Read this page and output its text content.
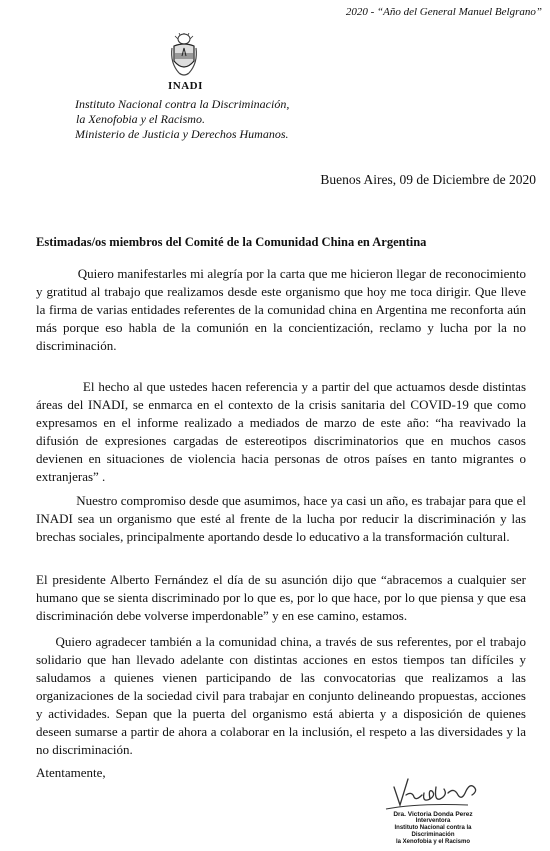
2020 - “Año del General Manuel Belgrano”
INADI
Instituto Nacional contra la Discriminación,
la Xenofobia y el Racismo.
Ministerio de Justicia y Derechos Humanos.
Buenos Aires, 09 de Diciembre de 2020
Estimadas/os miembros del Comité de la Comunidad China en Argentina
Quiero manifestarles mi alegría por la carta que me hicieron llegar de reconocimiento y gratitud al trabajo que realizamos desde este organismo que hoy me toca dirigir. Que lleve la firma de varias entidades referentes de la comunidad china en Argentina me reconforta aún más porque eso habla de la comunión en la concientización, reclamo y lucha por la no discriminación.
El hecho al que ustedes hacen referencia y a partir del que actuamos desde distintas áreas del INADI, se enmarca en el contexto de la crisis sanitaria del COVID-19 que como expresamos en el informe realizado a mediados de marzo de este año: “ha reavivado la difusión de expresiones cargadas de estereotipos discriminatorios que en muchos casos devienen en situaciones de violencia hacia personas de otros países en tanto migrantes o extranjeras” .
Nuestro compromiso desde que asumimos, hace ya casi un año, es trabajar para que el INADI sea un organismo que esté al frente de la lucha por reducir la discriminación y las brechas sociales, principalmente aportando desde lo educativo a la transformación cultural.
El presidente Alberto Fernández el día de su asunción dijo que “abracemos a cualquier ser humano que se sienta discriminado por lo que es, por lo que hace, por lo que piensa y que esa discriminación debe volverse imperdonable” y en ese camino, estamos.
Quiero agradecer también a la comunidad china, a través de sus referentes, por el trabajo solidario que han llevado adelante con distintas acciones en estos tiempos tan difíciles y saludamos a quienes vienen participando de las convocatorias que realizamos a las organizaciones de la sociedad civil para trabajar en conjunto delineando propuestas, acciones y actividades. Sepan que la puerta del organismo está abierta y a disposición de quienes deseen sumarse a partir de ahora a colaborar en la inclusión, el respeto a las diversidades y la no discriminación.
Atentamente,
Dra. Victoria Donda Perez
Interventora
Instituto Nacional contra la Discriminación
la Xenofobia y el Racismo
